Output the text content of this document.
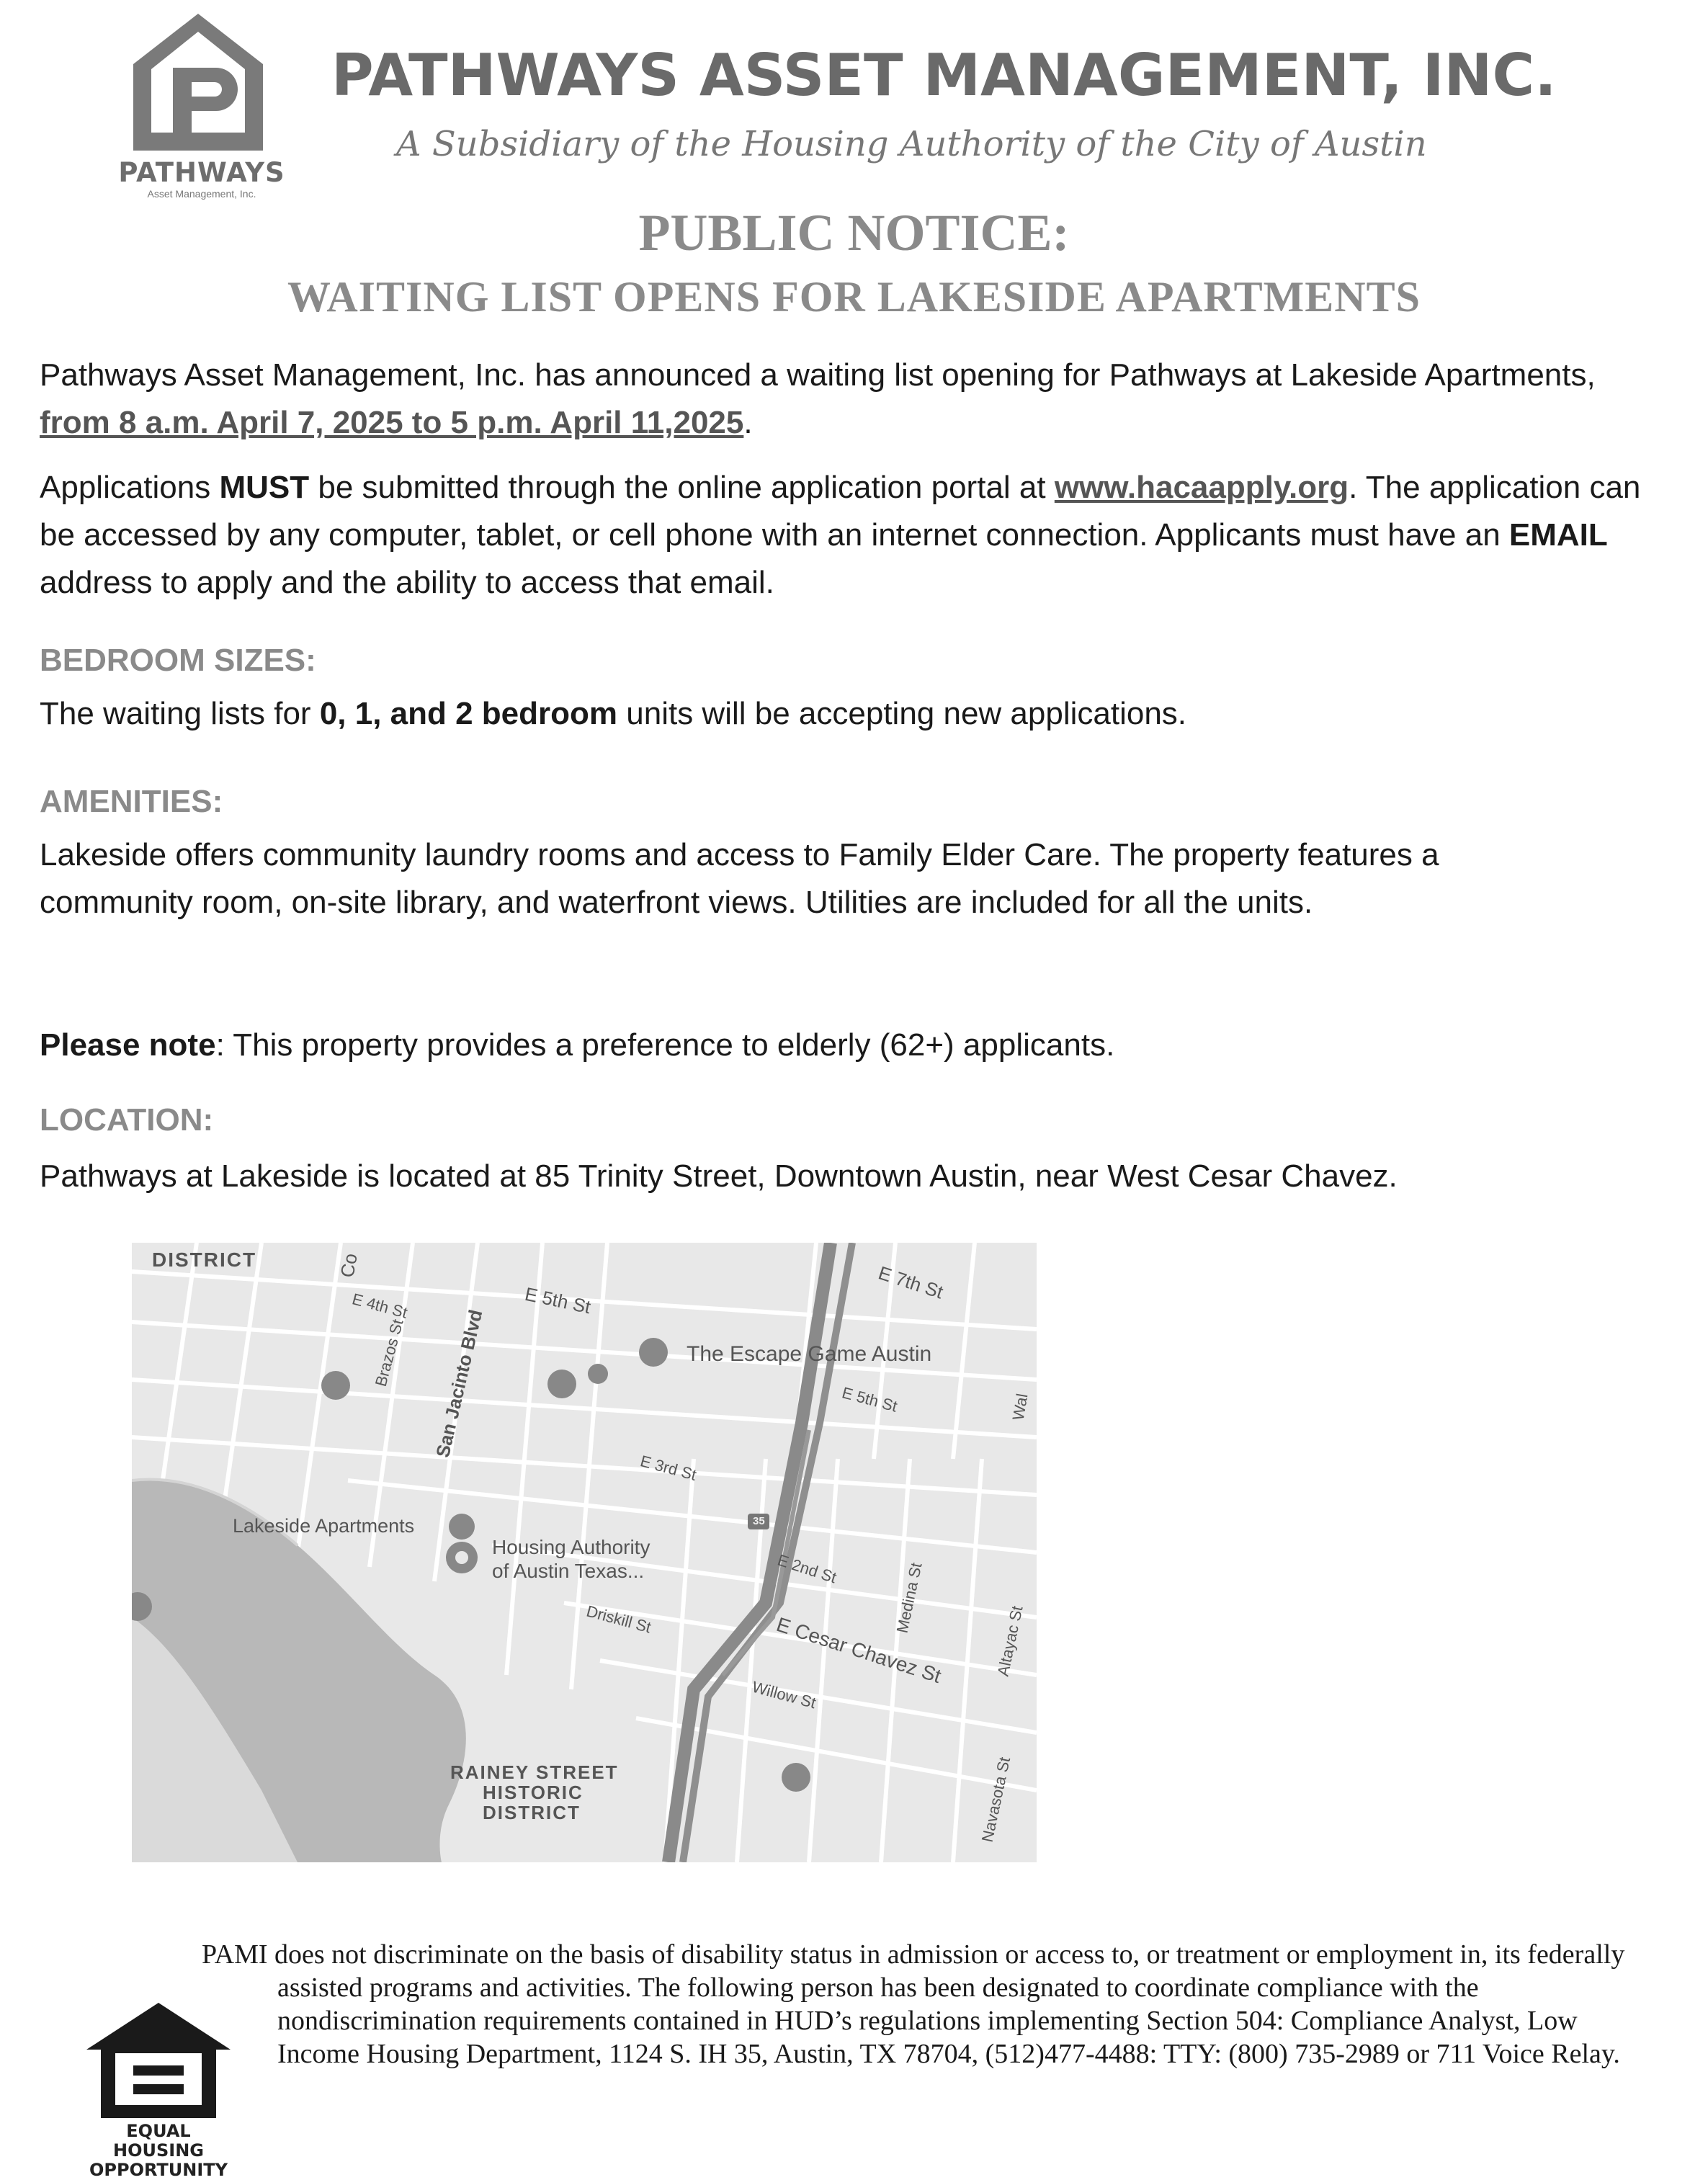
PATHWAYS
Asset Management, Inc.
PATHWAYS ASSET MANAGEMENT, INC.
A Subsidiary of the Housing Authority of the City of Austin
PUBLIC NOTICE:
WAITING LIST OPENS FOR LAKESIDE APARTMENTS
Pathways Asset Management, Inc. has announced a waiting list opening for Pathways at Lakeside Apartments, from 8 a.m. April 7, 2025 to 5 p.m. April 11,2025.
Applications MUST be submitted through the online application portal at www.hacaapply.org. The application can be accessed by any computer, tablet, or cell phone with an internet connection. Applicants must have an EMAIL address to apply and the ability to access that email.
BEDROOM SIZES:
The waiting lists for 0, 1, and 2 bedroom units will be accepting new applications.
AMENITIES:
Lakeside offers community laundry rooms and access to Family Elder Care. The property features a community room, on-site library, and waterfront views. Utilities are included for all the units.
Please note: This property provides a preference to elderly (62+) applicants.
LOCATION:
Pathways at Lakeside is located at 85 Trinity Street, Downtown Austin, near West Cesar Chavez.
DISTRICT	Co
E 4th St
Brazos St
E 5th St
San Jacinto Blvd
E 7th St
The Escape Game Austin
E 5th St
E 3rd St
Lakeside Apartments
Housing Authority
of Austin Texas...
35
E 2nd St	Medina St
Driskill St	E Cesar Chavez St	Altayac St
Willow St
RAINEY STREET
HISTORIC
DISTRICT	Navasota St
Wal
EQUAL HOUSING
OPPORTUNITY
PAMI does not discriminate on the basis of disability status in admission or access to, or treatment or employment in, its federally assisted programs and activities. The following person has been designated to coordinate compliance with the nondiscrimination requirements contained in HUD’s regulations implementing Section 504: Compliance Analyst, Low Income Housing Department, 1124 S. IH 35, Austin, TX 78704, (512)477-4488: TTY: (800) 735-2989 or 711 Voice Relay.
